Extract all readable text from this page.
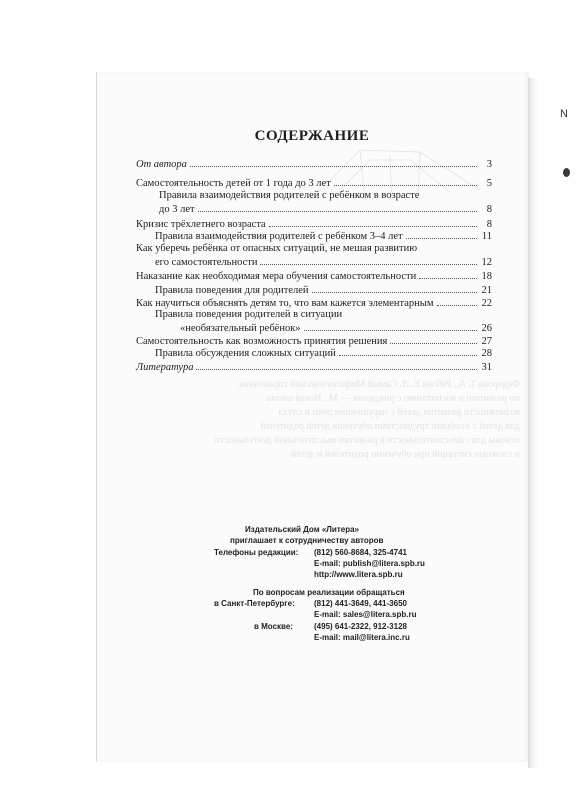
N
СОДЕРЖАНИЕ
От автора	3
Самостоятельность детей от 1 года до 3 лет	5
Правила взаимодействия родителей с ребёнком в возрасте
до 3 лет	8
Кризис трёхлетнего возраста	8
Правила взаимодействия родителей с ребёнком 3–4 лет	11
Как уберечь ребёнка от опасных ситуаций, не мешая развитию
его самостоятельности	12
Наказание как необходимая мера обучения самостоятельности	18
Правила поведения для родителей	21
Как научиться объяснять детям то, что вам кажется элементарным	22
Правила поведения родителей в ситуации
«необязательный ребёнок»	26
Самостоятельность как возможность принятия решения	27
Правила обсуждения сложных ситуаций	28
Литература	31
Издательский Дом «Литера»
приглашает к сотрудничеству авторов
Телефоны редакции: (812) 560-8684, 325-4741
E-mail: publish@litera.spb.ru
http://www.litera.spb.ru
По вопросам реализации обращаться
в Санкт-Петербурге: (812) 441-3649, 441-3650
E-mail: sales@litera.spb.ru
в Москве:	(495) 641-2322, 912-3128
E-mail: mail@litera.inc.ru
